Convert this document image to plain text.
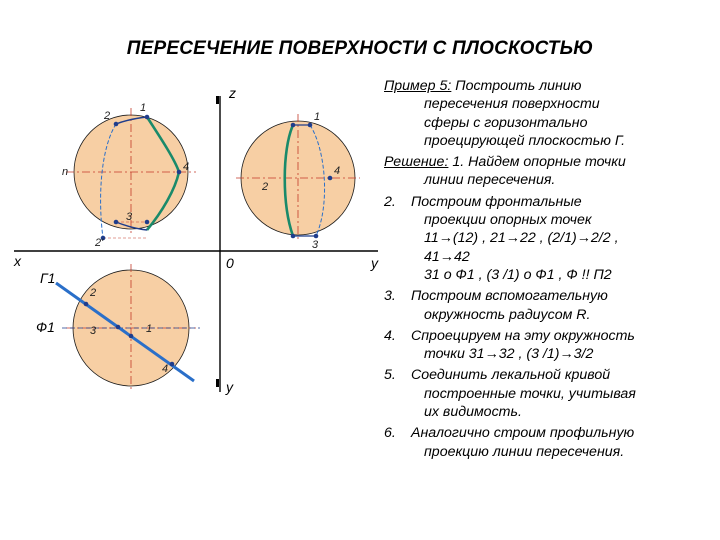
ПЕРЕСЕЧЕНИЕ ПОВЕРХНОСТИ С ПЛОСКОСТЬЮ
2
1
4
3
2'
n
1
4
2
3
2
3	1
4
z
x	y
0
y
Г1
Ф1
Пример 5: Построить линию
пересечения поверхности
сферы с горизонтально
проецирующей плоскостью Г.
Решение: 1. Найдем опорные точки
линии пересечения.
2. Построим фронтальные
проекции опорных точек
11→(12) , 21→22 , (2/1)→2/2 ,
41→42
31 о Ф1 , (3 /1) о Ф1 , Ф !! П2
3. Построим вспомогательную
окружность радиусом R.
4. Спроецируем на эту окружность
точки 31→32 , (3 /1)→3/2
5. Соединить лекальной кривой
построенные точки, учитывая
их видимость.
6. Аналогично строим профильную
проекцию линии пересечения.
